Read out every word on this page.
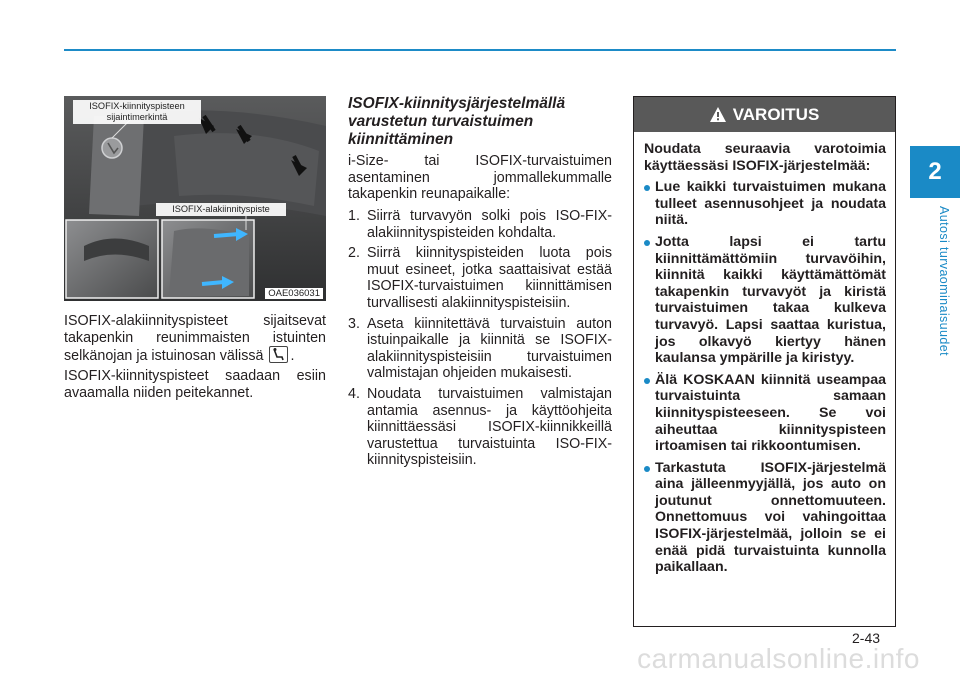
2
Autosi turvaominaisuudet
ISOFIX-kiinnityspisteen sijaintimerkintä
ISOFIX-alakiinnityspiste
OAE036031
ISOFIX-alakiinnityspisteet sijaitsevat takapenkin reunimmaisten istuinten selkänojan ja istuinosan välissä .
ISOFIX-kiinnityspisteet saadaan esiin avaamalla niiden peitekannet.
ISOFIX-kiinnitysjärjestelmällä varustetun turvaistuimen kiinnittäminen
i-Size- tai ISOFIX-turvaistuimen asentaminen jommallekummalle takapenkin reunapaikalle:
1. Siirrä turvavyön solki pois ISO-FIX-alakiinnityspisteiden kohdalta.
2. Siirrä kiinnityspisteiden luota pois muut esineet, jotka saattaisivat estää ISOFIX-turvaistuimen kiinnittämisen turvallisesti alakiinnityspisteisiin.
3. Aseta kiinnitettävä turvaistuin auton istuinpaikalle ja kiinnitä se ISOFIX-alakiinnityspisteisiin turvaistuimen valmistajan ohjeiden mukaisesti.
4. Noudata turvaistuimen valmistajan antamia asennus- ja käyttöohjeita kiinnittäessäsi ISOFIX-kiinnikkeillä varustettua turvaistuinta ISO-FIX-kiinnityspisteisiin.
VAROITUS

Noudata seuraavia varotoimia käyttäessäsi ISOFIX-järjestelmää:

Lue kaikki turvaistuimen mukana tulleet asennusohjeet ja noudata niitä.
Jotta lapsi ei tartu kiinnittämättömiin turvavöihin, kiinnitä kaikki käyttämättömät takapenkin turvavyöt ja kiristä turvaistuimen takaa kulkeva turvavyö. Lapsi saattaa kuristua, jos olkavyö kiertyy hänen kaulansa ympärille ja kiristyy.
Älä KOSKAAN kiinnitä useampaa turvaistuinta samaan kiinnityspisteeseen. Se voi aiheuttaa kiinnityspisteen irtoamisen tai rikkoontumisen.
Tarkastuta ISOFIX-järjestelmä aina jälleenmyyjällä, jos auto on joutunut onnettomuuteen. Onnettomuus voi vahingoittaa ISOFIX-järjestelmää, jolloin se ei enää pidä turvaistuinta kunnolla paikallaan.
2-43
carmanualsonline.info
